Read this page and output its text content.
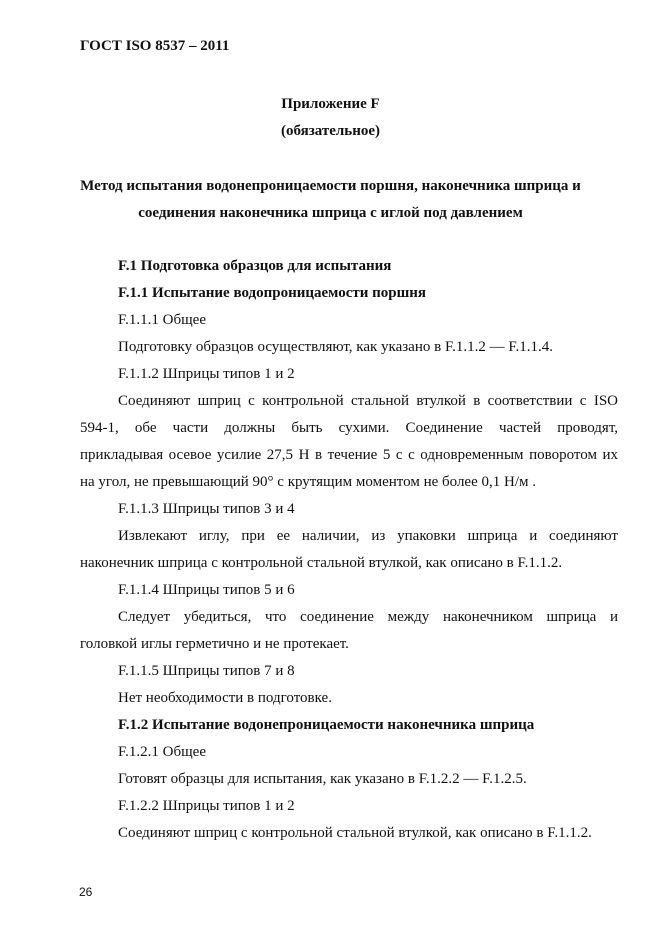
ГОСТ ISO 8537 – 2011
Приложение F
(обязательное)
Метод испытания водонепроницаемости поршня, наконечника шприца и
соединения наконечника шприца с иглой под давлением
F.1 Подготовка образцов для испытания
F.1.1 Испытание водопроницаемости поршня
F.1.1.1 Общее
Подготовку образцов осуществляют, как указано в F.1.1.2 — F.1.1.4.
F.1.1.2 Шприцы типов 1 и 2
Соединяют шприц с контрольной стальной втулкой в соответствии с ISO
594-1, обе части должны быть сухими. Соединение частей проводят,
прикладывая осевое усилие 27,5 Н в течение 5 с с одновременным поворотом их
на угол, не превышающий 90° с крутящим моментом не более 0,1 Н/м .
F.1.1.3 Шприцы типов 3 и 4
Извлекают иглу, при ее наличии, из упаковки шприца и соединяют
наконечник шприца с контрольной стальной втулкой, как описано в F.1.1.2.
F.1.1.4 Шприцы типов 5 и 6
Следует убедиться, что соединение между наконечником шприца и
головкой иглы герметично и не протекает.
F.1.1.5 Шприцы типов 7 и 8
Нет необходимости в подготовке.
F.1.2 Испытание водонепроницаемости наконечника шприца
F.1.2.1 Общее
Готовят образцы для испытания, как указано в F.1.2.2 — F.1.2.5.
F.1.2.2 Шприцы типов 1 и 2
Соединяют шприц с контрольной стальной втулкой, как описано в F.1.1.2.
26
